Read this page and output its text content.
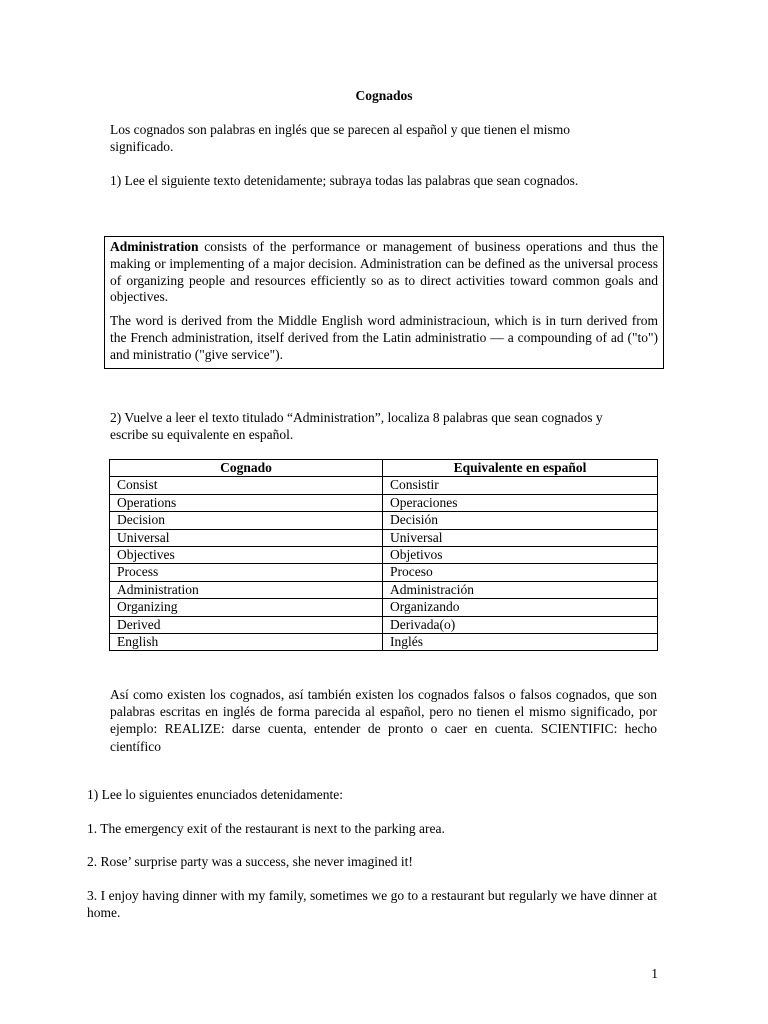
Cognados
Los cognados son palabras en inglés que se parecen al español y que tienen el mismo significado.
1) Lee el siguiente texto detenidamente; subraya todas las palabras que sean cognados.

Administration consists of the performance or management of business operations and thus the making or implementing of a major decision. Administration can be defined as the universal process of organizing people and resources efficiently so as to direct activities toward common goals and objectives.

The word is derived from the Middle English word administracioun, which is in turn derived from the French administration, itself derived from the Latin administratio — a compounding of ad ("to") and ministratio ("give service").

2) Vuelve a leer el texto titulado “Administration”, localiza 8 palabras que sean cognados y escribe su equivalente en español.
Cognado	Equivalente en español
Consist	Consistir
Operations	Operaciones
Decision	Decisión
Universal	Universal
Objectives	Objetivos
Process	Proceso
Administration	Administración
Organizing	Organizando
Derived	Derivada(o)
English	Inglés
Así como existen los cognados, así también existen los cognados falsos o falsos cognados, que son palabras escritas en inglés de forma parecida al español, pero no tienen el mismo significado, por ejemplo: REALIZE: darse cuenta, entender de pronto o caer en cuenta. SCIENTIFIC: hecho científico
1) Lee lo siguientes enunciados detenidamente:
1. The emergency exit of the restaurant is next to the parking area.
2. Rose’ surprise party was a success, she never imagined it!
3. I enjoy having dinner with my family, sometimes we go to a restaurant but regularly we have dinner at home.
1
